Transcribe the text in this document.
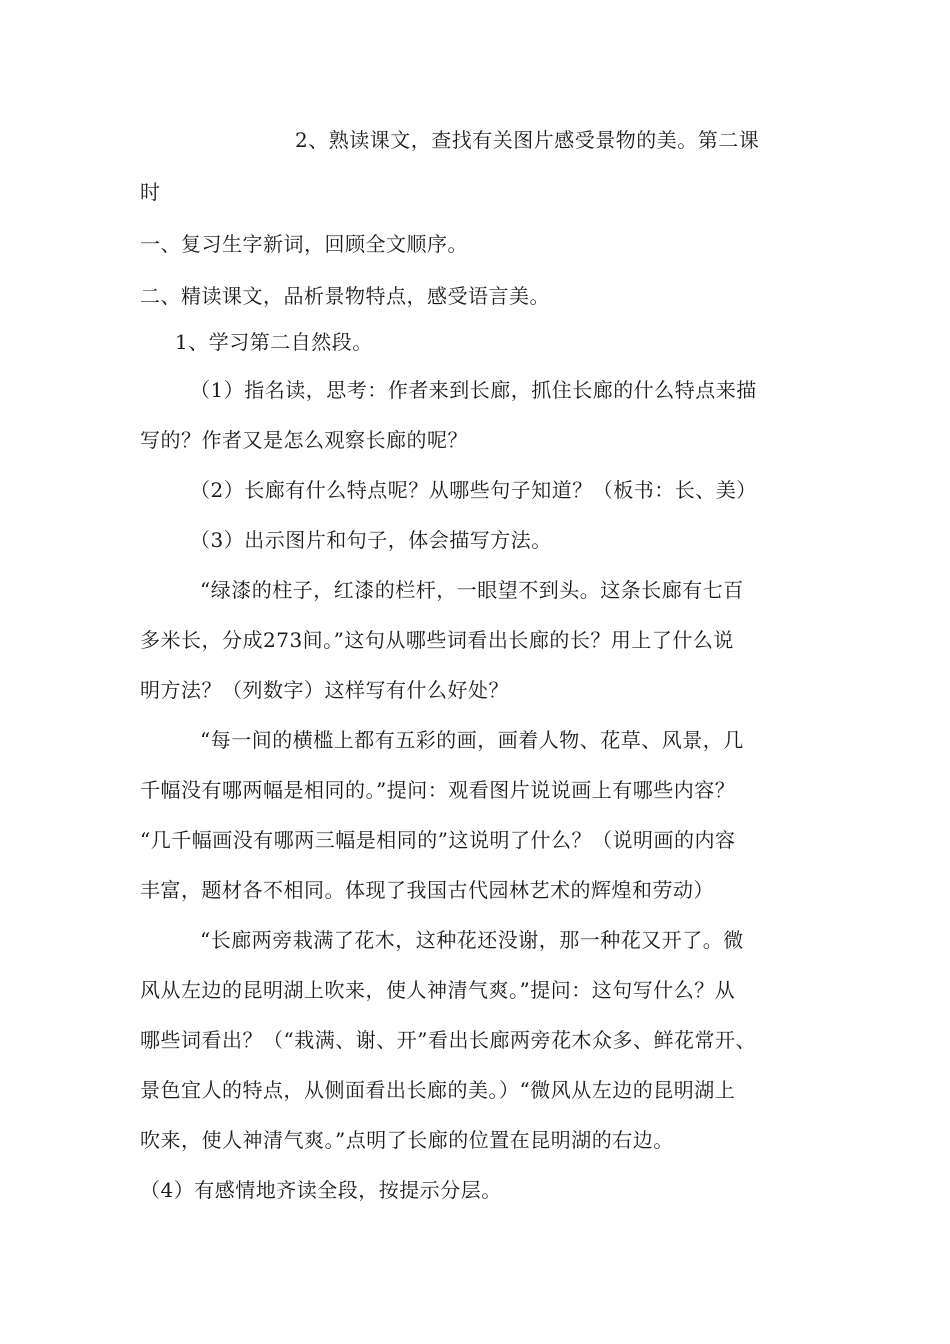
2、熟读课文，查找有关图片感受景物的美。第二课
时
一、复习生字新词，回顾全文顺序。
二、精读课文，品析景物特点，感受语言美。
1、学习第二自然段。
（1）指名读，思考：作者来到长廊，抓住长廊的什么特点来描
写的？作者又是怎么观察长廊的呢？
（2）长廊有什么特点呢？从哪些句子知道？（板书：长、美）
（3）出示图片和句子，体会描写方法。
“绿漆的柱子，红漆的栏杆，一眼望不到头。这条长廊有七百
多米长，分成273间。”这句从哪些词看出长廊的长？用上了什么说
明方法？（列数字）这样写有什么好处？
“每一间的横槛上都有五彩的画，画着人物、花草、风景，几
千幅没有哪两幅是相同的。”提问：观看图片说说画上有哪些内容？
“几千幅画没有哪两三幅是相同的”这说明了什么？（说明画的内容
丰富，题材各不相同。体现了我国古代园林艺术的辉煌和劳动）
“长廊两旁栽满了花木，这种花还没谢，那一种花又开了。微
风从左边的昆明湖上吹来，使人神清气爽。”提问：这句写什么？从
哪些词看出？（“栽满、谢、开”看出长廊两旁花木众多、鲜花常开、
景色宜人的特点，从侧面看出长廊的美。）“微风从左边的昆明湖上
吹来，使人神清气爽。”点明了长廊的位置在昆明湖的右边。
（4）有感情地齐读全段，按提示分层。
